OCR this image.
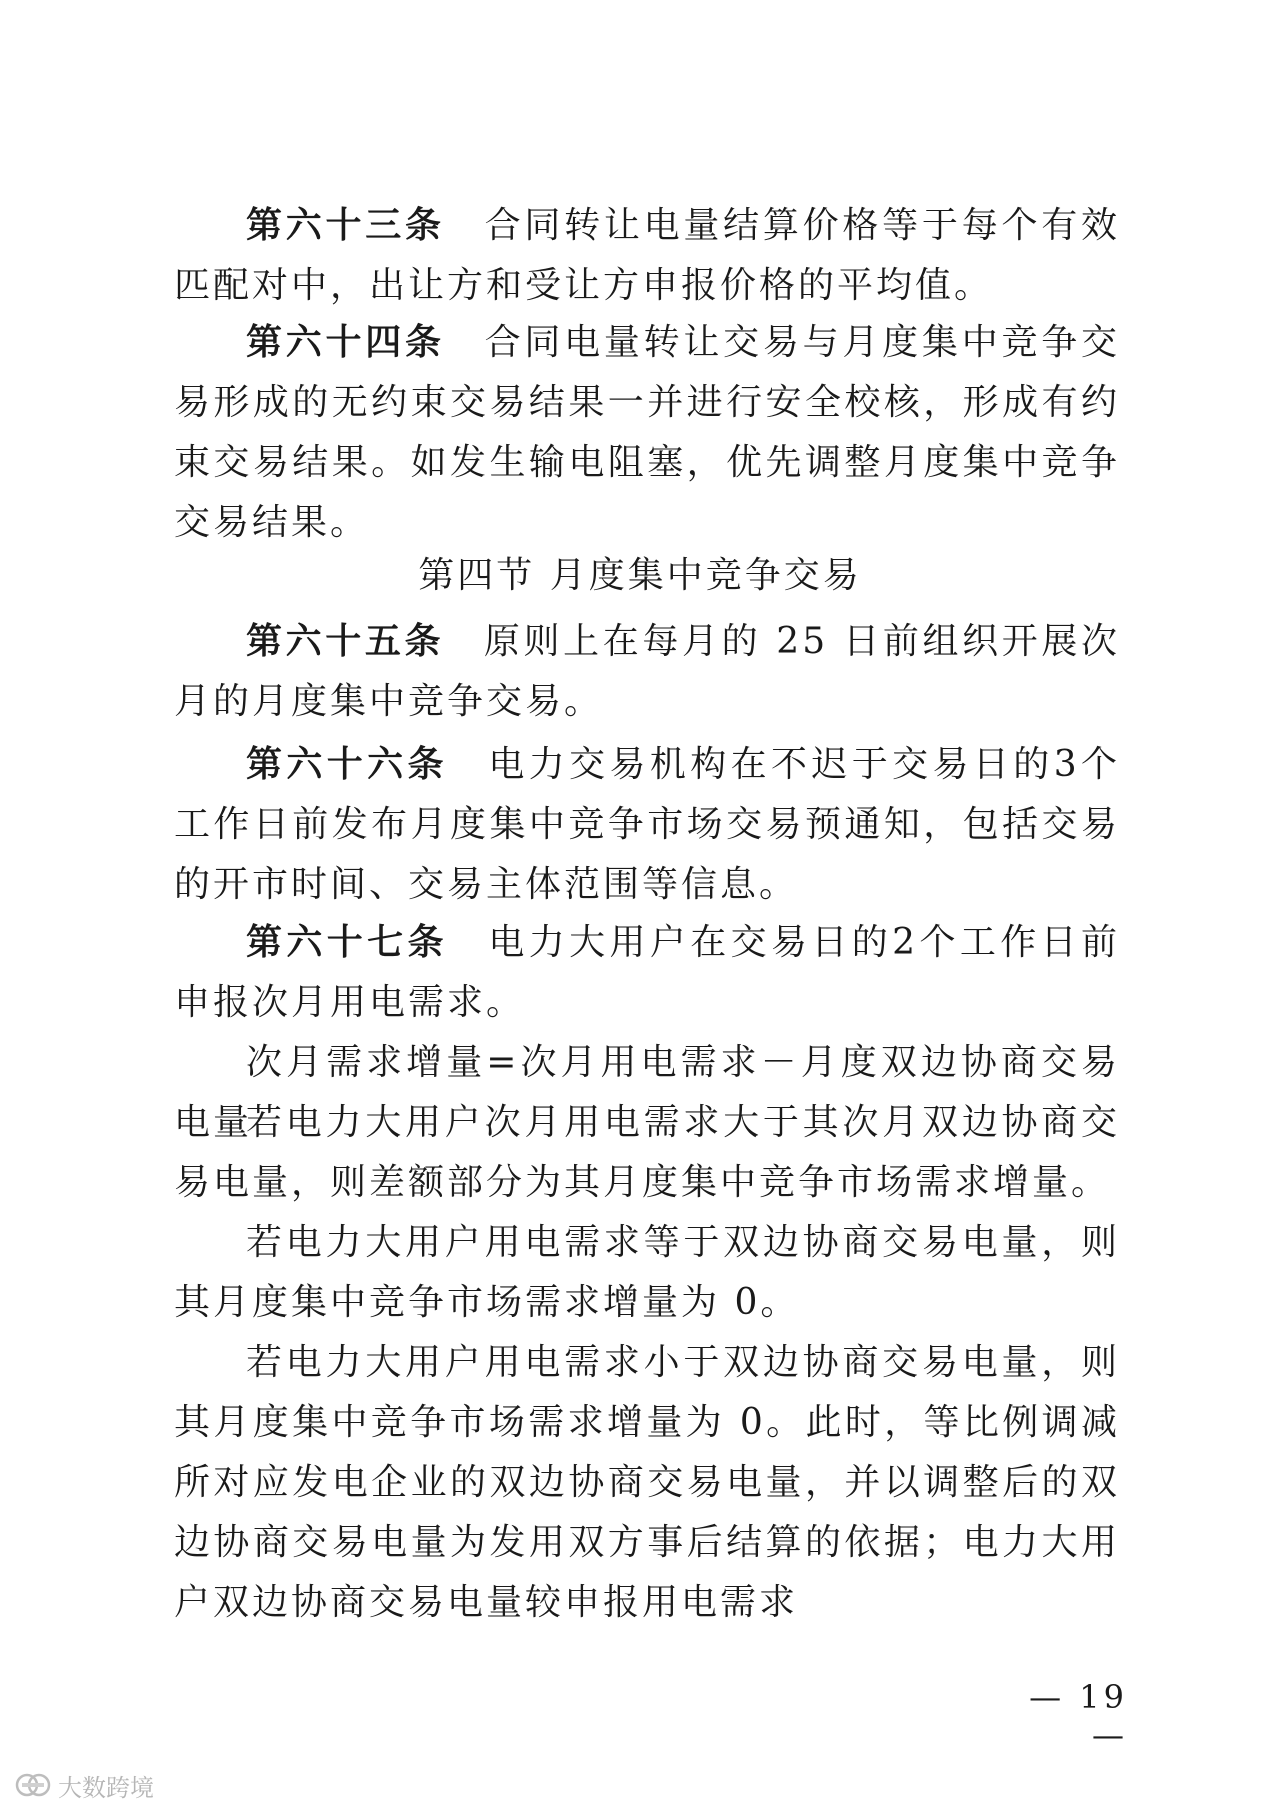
第六十三条　 合同转让电量结算价格等于每个有效匹配对中，出让方和受让方申报价格的平均值。

第六十四条　 合同电量转让交易与月度集中竞争交易形成的无约束交易结果一并进行安全校核，形成有约束交易结果。如发生输电阻塞，优先调整月度集中竞争交易结果。

第四节 月度集中竞争交易

第六十五条　 原则上在每月的 25 日前组织开展次月的月度集中竞争交易。

第六十六条　 电力交易机构在不迟于交易日的3个工作日前发布月度集中竞争市场交易预通知，包括交易的开市时间、交易主体范围等信息。

第六十七条　 电力大用户在交易日的2个工作日前申报次月用电需求。

次月需求增量=次月用电需求－月度双边协商交易电量

若电力大用户次月用电需求大于其次月双边协商交易电量，则差额部分为其月度集中竞争市场需求增量。

若电力大用户用电需求等于双边协商交易电量，则其月度集中竞争市场需求增量为 0。

若电力大用户用电需求小于双边协商交易电量，则其月度集中竞争市场需求增量为 0。此时，等比例调减所对应发电企业的双边协商交易电量，并以调整后的双边协商交易电量为发用双方事后结算的依据；电力大用户双边协商交易电量较申报用电需求

— 19 —
大数跨境
